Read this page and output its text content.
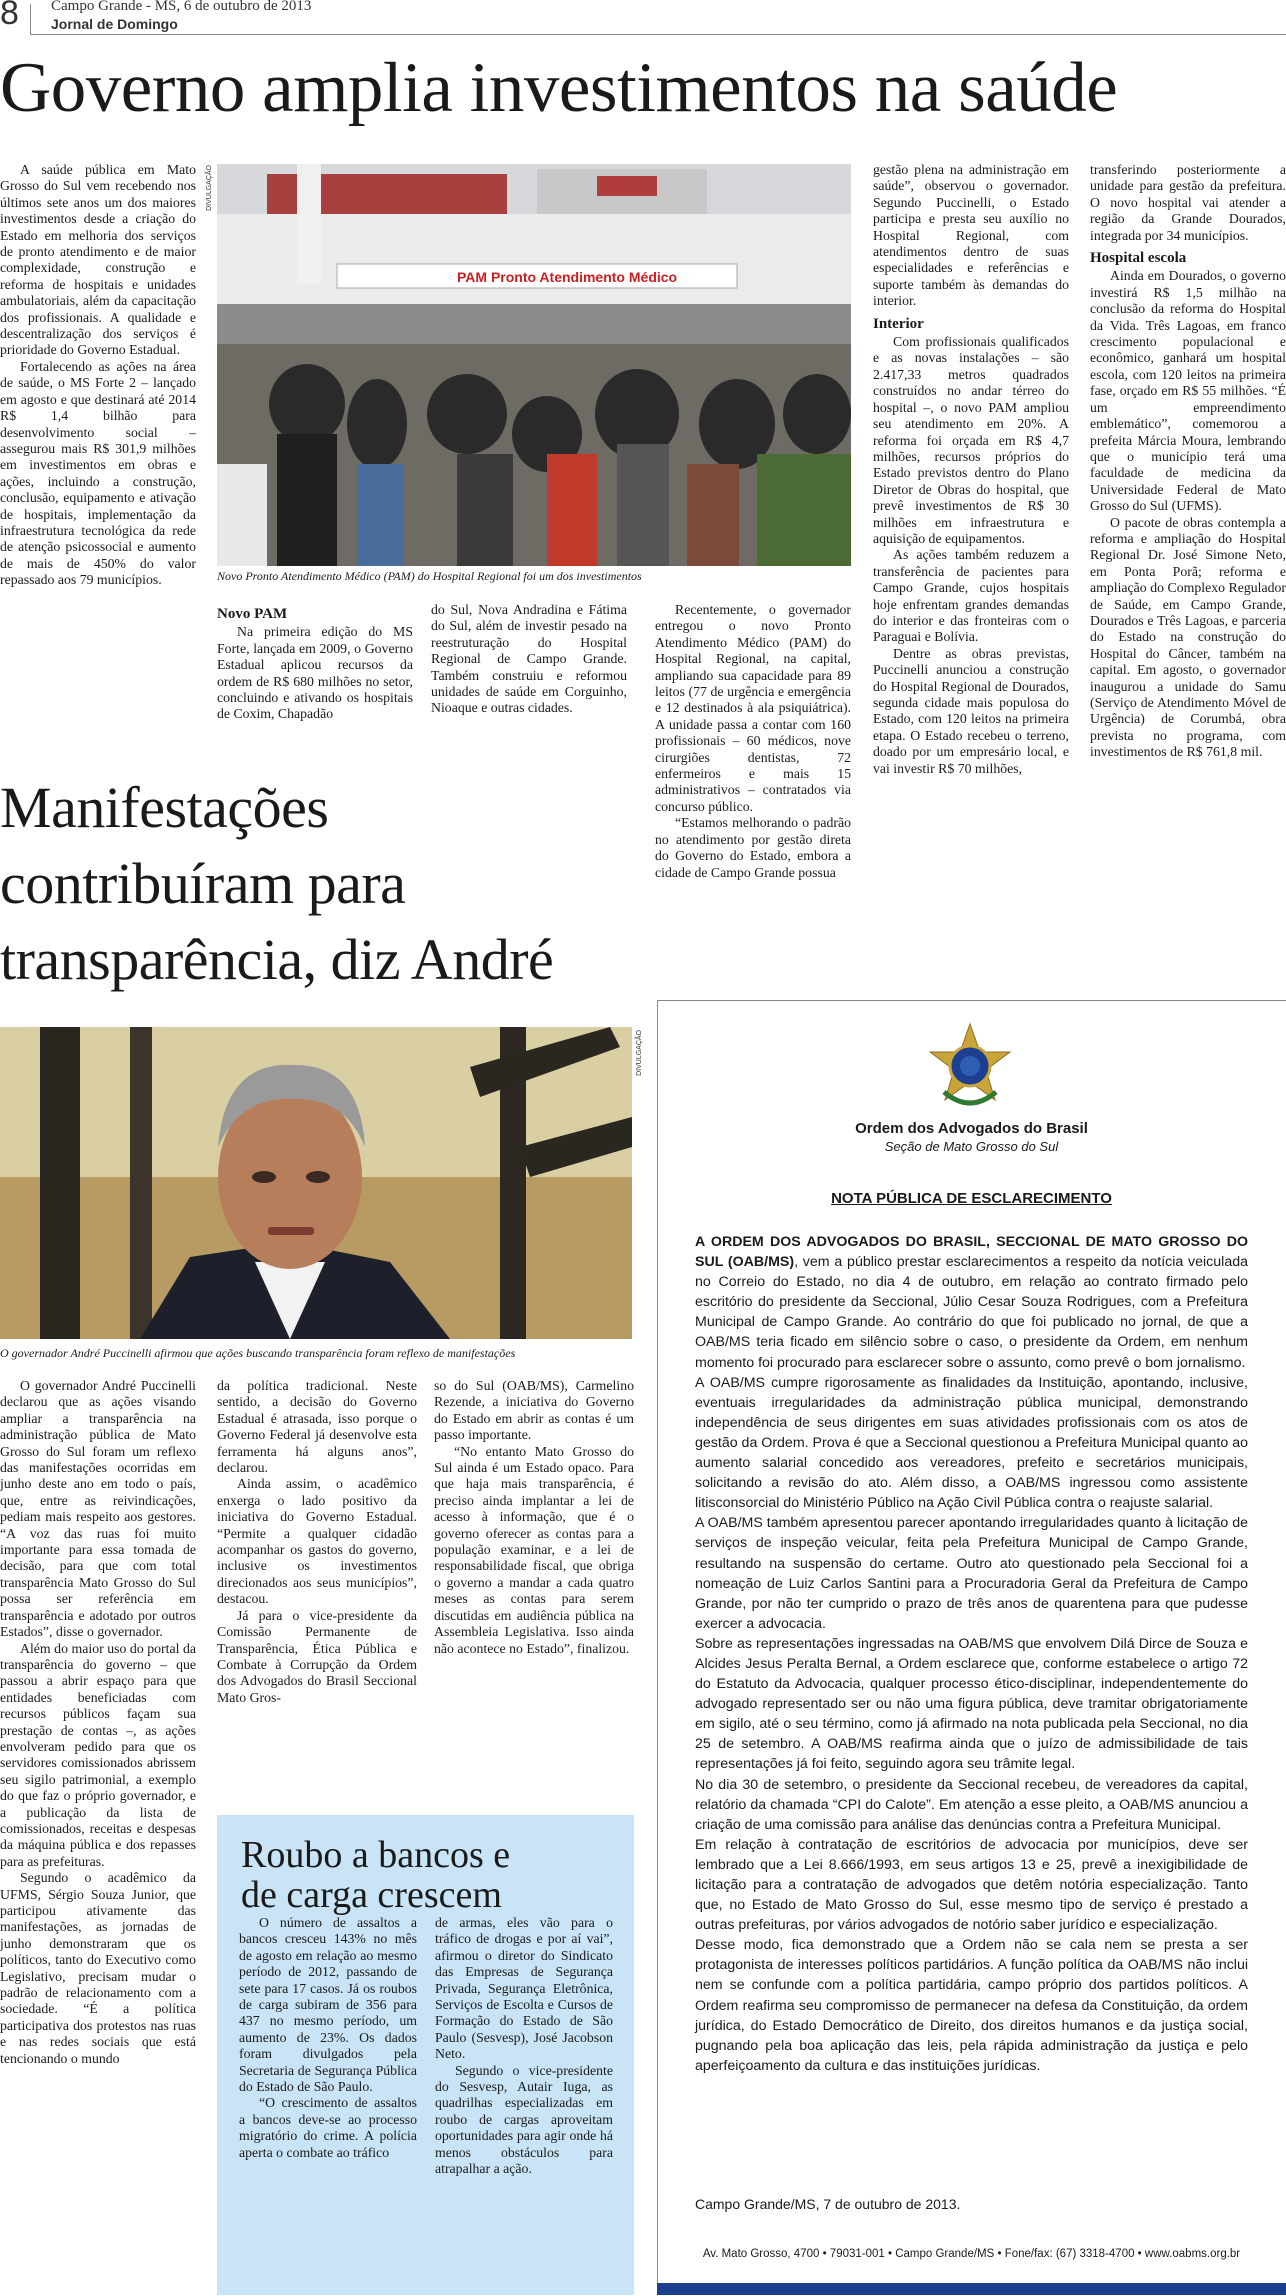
8 Campo Grande - MS, 6 de outubro de 2013
Jornal de Domingo
Governo amplia investimentos na saúde

A saúde pública em Mato Grosso do Sul vem recebendo nos últimos sete anos um dos maiores investimentos desde a criação do Estado em melhoria dos serviços de pronto atendimento e de maior complexidade, construção e reforma de hospitais e unidades ambulatoriais, além da capacitação dos profissionais. A qualidade e descentralização dos serviços é prioridade do Governo Estadual.

Fortalecendo as ações na área de saúde, o MS Forte 2 – lançado em agosto e que destinará até 2014 R$ 1,4 bilhão para desenvolvimento social – assegurou mais R$ 301,9 milhões em investimentos em obras e ações, incluindo a construção, conclusão, equipamento e ativação de hospitais, implementação da infraestrutura tecnológica da rede de atenção psicossocial e aumento de mais de 450% do valor repassado aos 79 municípios.

DIVULGAÇÃO
PAM Pronto Atendimento Médico
Novo Pronto Atendimento Médico (PAM) do Hospital Regional foi um dos investimentos
Novo PAM

Na primeira edição do MS Forte, lançada em 2009, o Governo Estadual aplicou recursos da ordem de R$ 680 milhões no setor, concluindo e ativando os hospitais de Coxim, Chapadão

do Sul, Nova Andradina e Fátima do Sul, além de investir pesado na reestruturação do Hospital Regional de Campo Grande. Também construiu e reformou unidades de saúde em Corguinho, Nioaque e outras cidades.

Recentemente, o governador entregou o novo Pronto Atendimento Médico (PAM) do Hospital Regional, na capital, ampliando sua capacidade para 89 leitos (77 de urgência e emergência e 12 destinados à ala psiquiátrica). A unidade passa a contar com 160 profissionais – 60 médicos, nove cirurgiões dentistas, 72 enfermeiros e mais 15 administrativos – contratados via concurso público.

“Estamos melhorando o padrão no atendimento por gestão direta do Governo do Estado, embora a cidade de Campo Grande possua

gestão plena na administração em saúde”, observou o governador. Segundo Puccinelli, o Estado participa e presta seu auxílio no Hospital Regional, com atendimentos dentro de suas especialidades e referências e suporte também às demandas do interior.

Interior

Com profissionais qualificados e as novas instalações – são 2.417,33 metros quadrados construídos no andar térreo do hospital –, o novo PAM ampliou seu atendimento em 20%. A reforma foi orçada em R$ 4,7 milhões, recursos próprios do Estado previstos dentro do Plano Diretor de Obras do hospital, que prevê investimentos de R$ 30 milhões em infraestrutura e aquisição de equipamentos.

As ações também reduzem a transferência de pacientes para Campo Grande, cujos hospitais hoje enfrentam grandes demandas do interior e das fronteiras com o Paraguai e Bolívia.

Dentre as obras previstas, Puccinelli anunciou a construção do Hospital Regional de Dourados, segunda cidade mais populosa do Estado, com 120 leitos na primeira etapa. O Estado recebeu o terreno, doado por um empresário local, e vai investir R$ 70 milhões,

transferindo posteriormente a unidade para gestão da prefeitura. O novo hospital vai atender a região da Grande Dourados, integrada por 34 municípios.

Hospital escola

Ainda em Dourados, o governo investirá R$ 1,5 milhão na conclusão da reforma do Hospital da Vida. Três Lagoas, em franco crescimento populacional e econômico, ganhará um hospital escola, com 120 leitos na primeira fase, orçado em R$ 55 milhões. “É um empreendimento emblemático”, comemorou a prefeita Márcia Moura, lembrando que o município terá uma faculdade de medicina da Universidade Federal de Mato Grosso do Sul (UFMS).

O pacote de obras contempla a reforma e ampliação do Hospital Regional Dr. José Simone Neto, em Ponta Porã; reforma e ampliação do Complexo Regulador de Saúde, em Campo Grande, Dourados e Três Lagoas, e parceria do Estado na construção do Hospital do Câncer, também na capital. Em agosto, o governador inaugurou a unidade do Samu (Serviço de Atendimento Móvel de Urgência) de Corumbá, obra prevista no programa, com investimentos de R$ 761,8 mil.

Manifestações
contribuíram para
transparência, diz André
DIVULGAÇÃO
O governador André Puccinelli afirmou que ações buscando transparência foram reflexo de manifestações

O governador André Puccinelli declarou que as ações visando ampliar a transparência na administração pública de Mato Grosso do Sul foram um reflexo das manifestações ocorridas em junho deste ano em todo o país, que, entre as reivindicações, pediam mais respeito aos gestores. “A voz das ruas foi muito importante para essa tomada de decisão, para que com total transparência Mato Grosso do Sul possa ser referência em transparência e adotado por outros Estados”, disse o governador.

Além do maior uso do portal da transparência do governo – que passou a abrir espaço para que entidades beneficiadas com recursos públicos façam sua prestação de contas –, as ações envolveram pedido para que os servidores comissionados abrissem seu sigilo patrimonial, a exemplo do que faz o próprio governador, e a publicação da lista de comissionados, receitas e despesas da máquina pública e dos repasses para as prefeituras.

Segundo o acadêmico da UFMS, Sérgio Souza Junior, que participou ativamente das manifestações, as jornadas de junho demonstraram que os políticos, tanto do Executivo como Legislativo, precisam mudar o padrão de relacionamento com a sociedade. “É a política participativa dos protestos nas ruas e nas redes sociais que está tencionando o mundo

da política tradicional. Neste sentido, a decisão do Governo Estadual é atrasada, isso porque o Governo Federal já desenvolve esta ferramenta há alguns anos”, declarou.

Ainda assim, o acadêmico enxerga o lado positivo da iniciativa do Governo Estadual. “Permite a qualquer cidadão acompanhar os gastos do governo, inclusive os investimentos direcionados aos seus municípios”, destacou.

Já para o vice-presidente da Comissão Permanente de Transparência, Ética Pública e Combate à Corrupção da Ordem dos Advogados do Brasil Seccional Mato Gros-

so do Sul (OAB/MS), Carmelino Rezende, a iniciativa do Governo do Estado em abrir as contas é um passo importante.

“No entanto Mato Grosso do Sul ainda é um Estado opaco. Para que haja mais transparência, é preciso ainda implantar a lei de acesso à informação, que é o governo oferecer as contas para a população examinar, e a lei de responsabilidade fiscal, que obriga o governo a mandar a cada quatro meses as contas para serem discutidas em audiência pública na Assembleia Legislativa. Isso ainda não acontece no Estado”, finalizou.

Roubo a bancos e
de carga crescem

O número de assaltos a bancos cresceu 143% no mês de agosto em relação ao mesmo período de 2012, passando de sete para 17 casos. Já os roubos de carga subiram de 356 para 437 no mesmo período, um aumento de 23%. Os dados foram divulgados pela Secretaria de Segurança Pública do Estado de São Paulo.

“O crescimento de assaltos a bancos deve-se ao processo migratório do crime. A polícia aperta o combate ao tráfico

de armas, eles vão para o tráfico de drogas e por aí vai”, afirmou o diretor do Sindicato das Empresas de Segurança Privada, Segurança Eletrônica, Serviços de Escolta e Cursos de Formação do Estado de São Paulo (Sesvesp), José Jacobson Neto.

Segundo o vice-presidente do Sesvesp, Autair Iuga, as quadrilhas especializadas em roubo de cargas aproveitam oportunidades para agir onde há menos obstáculos para atrapalhar a ação.

Ordem dos Advogados do Brasil
Seção de Mato Grosso do Sul
NOTA PÚBLICA DE ESCLARECIMENTO

A ORDEM DOS ADVOGADOS DO BRASIL, SECCIONAL DE MATO GROSSO DO SUL (OAB/MS), vem a público prestar esclarecimentos a respeito da notícia veiculada no Correio do Estado, no dia 4 de outubro, em relação ao contrato firmado pelo escritório do presidente da Seccional, Júlio Cesar Souza Rodrigues, com a Prefeitura Municipal de Campo Grande. Ao contrário do que foi publicado no jornal, de que a OAB/MS teria ficado em silêncio sobre o caso, o presidente da Ordem, em nenhum momento foi procurado para esclarecer sobre o assunto, como prevê o bom jornalismo.

A OAB/MS cumpre rigorosamente as finalidades da Instituição, apontando, inclusive, eventuais irregularidades da administração pública municipal, demonstrando independência de seus dirigentes em suas atividades profissionais com os atos de gestão da Ordem. Prova é que a Seccional questionou a Prefeitura Municipal quanto ao aumento salarial concedido aos vereadores, prefeito e secretários municipais, solicitando a revisão do ato. Além disso, a OAB/MS ingressou como assistente litisconsorcial do Ministério Público na Ação Civil Pública contra o reajuste salarial.

A OAB/MS também apresentou parecer apontando irregularidades quanto à licitação de serviços de inspeção veicular, feita pela Prefeitura Municipal de Campo Grande, resultando na suspensão do certame. Outro ato questionado pela Seccional foi a nomeação de Luiz Carlos Santini para a Procuradoria Geral da Prefeitura de Campo Grande, por não ter cumprido o prazo de três anos de quarentena para que pudesse exercer a advocacia.

Sobre as representações ingressadas na OAB/MS que envolvem Dilá Dirce de Souza e Alcides Jesus Peralta Bernal, a Ordem esclarece que, conforme estabelece o artigo 72 do Estatuto da Advocacia, qualquer processo ético-disciplinar, independentemente do advogado representado ser ou não uma figura pública, deve tramitar obrigatoriamente em sigilo, até o seu término, como já afirmado na nota publicada pela Seccional, no dia 25 de setembro. A OAB/MS reafirma ainda que o juízo de admissibilidade de tais representações já foi feito, seguindo agora seu trâmite legal.

No dia 30 de setembro, o presidente da Seccional recebeu, de vereadores da capital, relatório da chamada “CPI do Calote”. Em atenção a esse pleito, a OAB/MS anunciou a criação de uma comissão para análise das denúncias contra a Prefeitura Municipal.

Em relação à contratação de escritórios de advocacia por municípios, deve ser lembrado que a Lei 8.666/1993, em seus artigos 13 e 25, prevê a inexigibilidade de licitação para a contratação de advogados que detêm notória especialização. Tanto que, no Estado de Mato Grosso do Sul, esse mesmo tipo de serviço é prestado a outras prefeituras, por vários advogados de notório saber jurídico e especialização.

Desse modo, fica demonstrado que a Ordem não se cala nem se presta a ser protagonista de interesses políticos partidários. A função política da OAB/MS não inclui nem se confunde com a política partidária, campo próprio dos partidos políticos. A Ordem reafirma seu compromisso de permanecer na defesa da Constituição, da ordem jurídica, do Estado Democrático de Direito, dos direitos humanos e da justiça social, pugnando pela boa aplicação das leis, pela rápida administração da justiça e pelo aperfeiçoamento da cultura e das instituições jurídicas.

Campo Grande/MS, 7 de outubro de 2013.
Av. Mato Grosso, 4700 • 79031-001 • Campo Grande/MS • Fone/fax: (67) 3318-4700 • www.oabms.org.br
